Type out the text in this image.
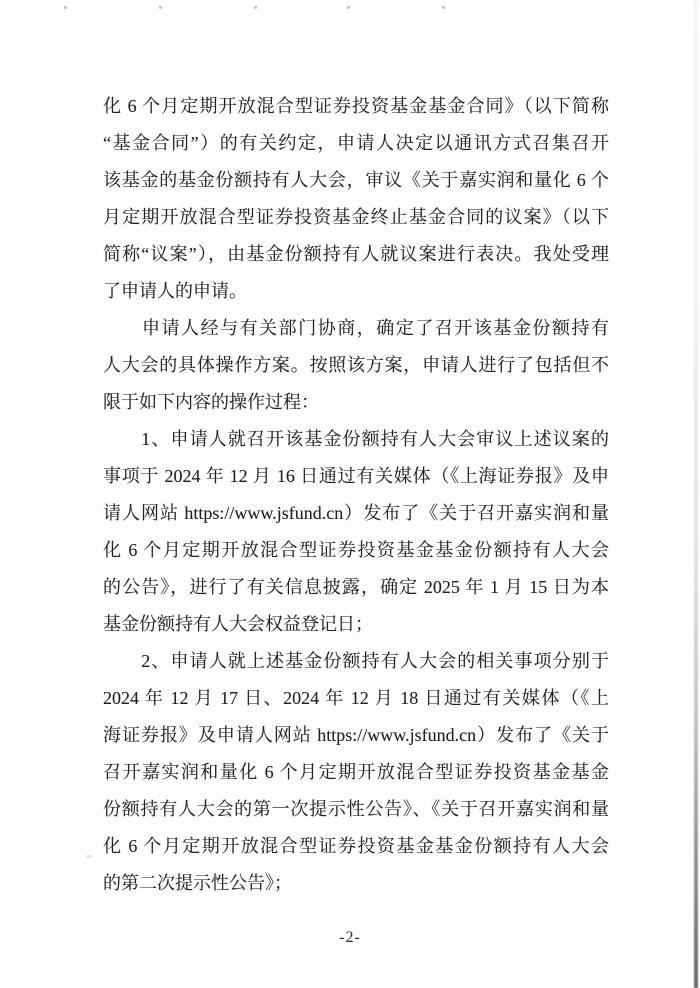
化 6 个月定期开放混合型证券投资基金基金合同》（以下简称
“基金合同”）的有关约定，申请人决定以通讯方式召集召开
该基金的基金份额持有人大会，审议《关于嘉实润和量化 6 个
月定期开放混合型证券投资基金终止基金合同的议案》（以下
简称“议案”），由基金份额持有人就议案进行表决。我处受理
了申请人的申请。
　　申请人经与有关部门协商，确定了召开该基金份额持有
人大会的具体操作方案。按照该方案，申请人进行了包括但不
限于如下内容的操作过程：
　　1、申请人就召开该基金份额持有人大会审议上述议案的
事项于 2024 年 12 月 16 日通过有关媒体（《上海证券报》及申
请人网站 https://www.jsfund.cn）发布了《关于召开嘉实润和量
化 6 个月定期开放混合型证券投资基金基金份额持有人大会
的公告》，进行了有关信息披露，确定 2025 年 1 月 15 日为本
基金份额持有人大会权益登记日；
　　2、申请人就上述基金份额持有人大会的相关事项分别于
2024 年 12 月 17 日、2024 年 12 月 18 日通过有关媒体（《上
海证券报》及申请人网站 https://www.jsfund.cn）发布了《关于
召开嘉实润和量化 6 个月定期开放混合型证券投资基金基金
份额持有人大会的第一次提示性公告》、《关于召开嘉实润和量
化 6 个月定期开放混合型证券投资基金基金份额持有人大会
的第二次提示性公告》；
-2-
